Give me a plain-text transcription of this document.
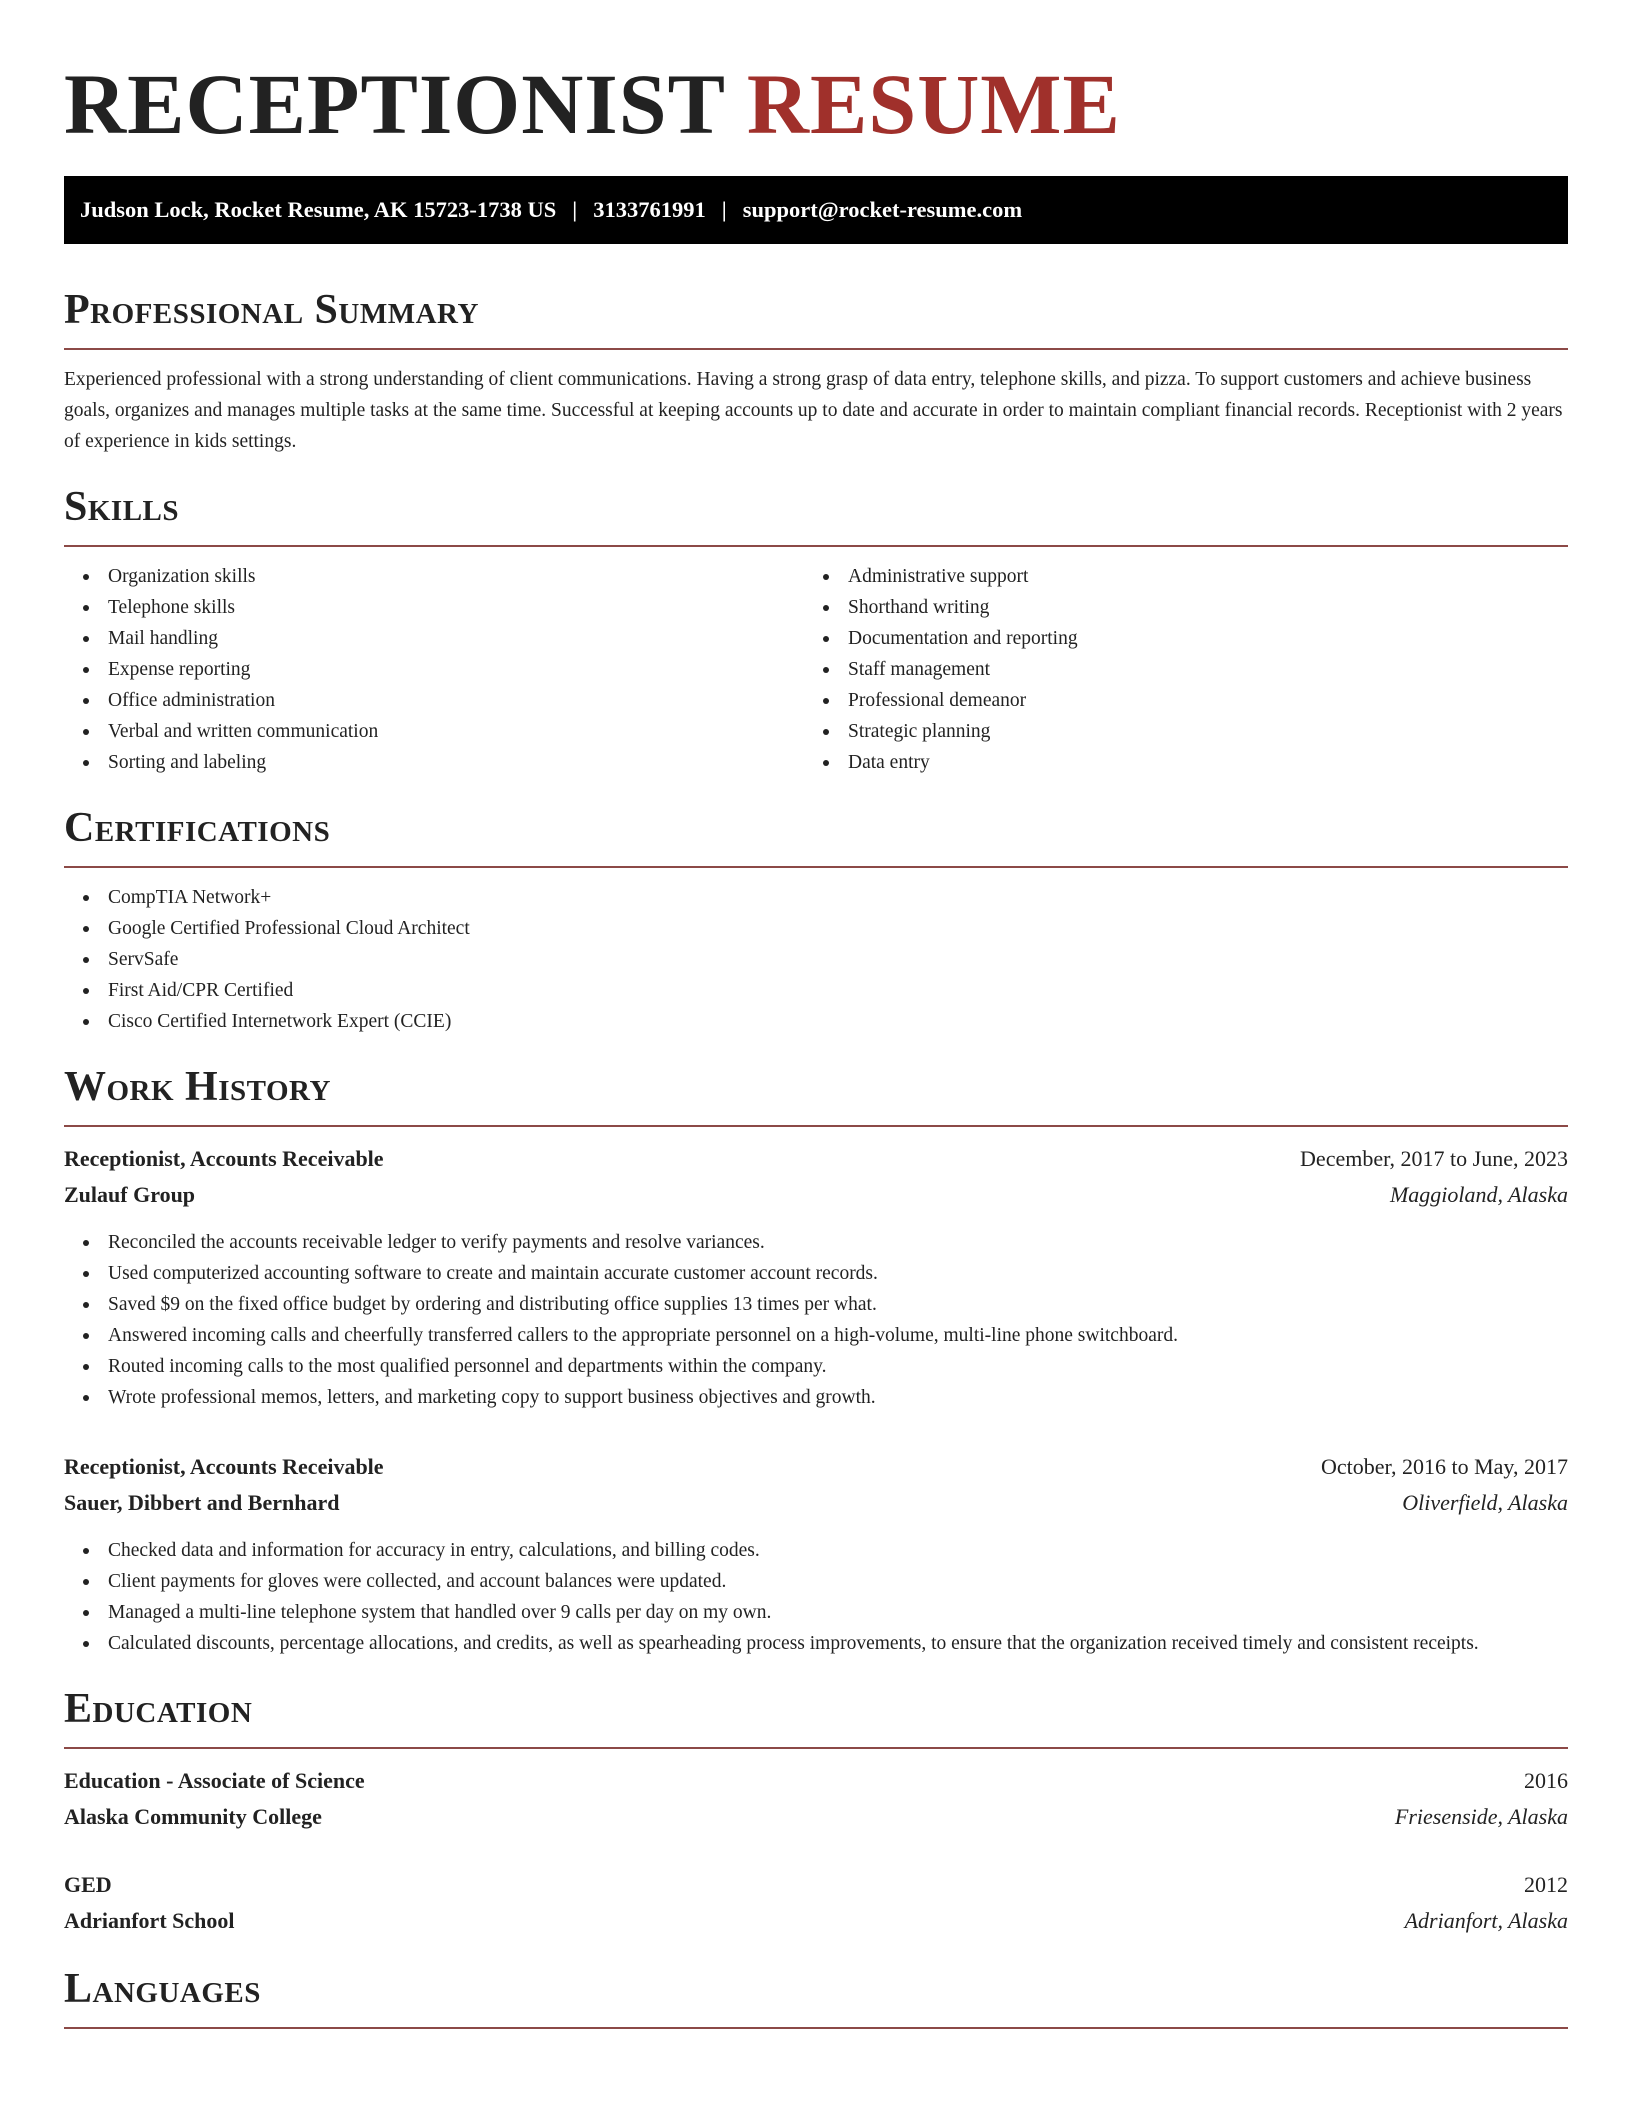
RECEPTIONIST RESUME
Judson Lock, Rocket Resume, AK 15723-1738 US | 3133761991 | support@rocket-resume.com
Professional Summary

Experienced professional with a strong understanding of client communications. Having a strong grasp of data entry, telephone skills, and pizza. To support customers and achieve business goals, organizes and manages multiple tasks at the same time. Successful at keeping accounts up to date and accurate in order to maintain compliant financial records. Receptionist with 2 years of experience in kids settings.

Skills
Organization skills
Telephone skills
Mail handling
Expense reporting
Office administration
Verbal and written communication
Sorting and labeling
Administrative support
Shorthand writing
Documentation and reporting
Staff management
Professional demeanor
Strategic planning
Data entry
Certifications
CompTIA Network+
Google Certified Professional Cloud Architect
ServSafe
First Aid/CPR Certified
Cisco Certified Internetwork Expert (CCIE)
Work History
Receptionist, Accounts Receivable	December, 2017 to June, 2023
Zulauf Group	Maggioland, Alaska
Reconciled the accounts receivable ledger to verify payments and resolve variances.
Used computerized accounting software to create and maintain accurate customer account records.
Saved $9 on the fixed office budget by ordering and distributing office supplies 13 times per what.
Answered incoming calls and cheerfully transferred callers to the appropriate personnel on a high-volume, multi-line phone switchboard.
Routed incoming calls to the most qualified personnel and departments within the company.
Wrote professional memos, letters, and marketing copy to support business objectives and growth.
Receptionist, Accounts Receivable	October, 2016 to May, 2017
Sauer, Dibbert and Bernhard	Oliverfield, Alaska
Checked data and information for accuracy in entry, calculations, and billing codes.
Client payments for gloves were collected, and account balances were updated.
Managed a multi-line telephone system that handled over 9 calls per day on my own.
Calculated discounts, percentage allocations, and credits, as well as spearheading process improvements, to ensure that the organization received timely and consistent receipts.
Education
Education - Associate of Science	2016
Alaska Community College	Friesenside, Alaska
GED	2012
Adrianfort School	Adrianfort, Alaska
Languages
